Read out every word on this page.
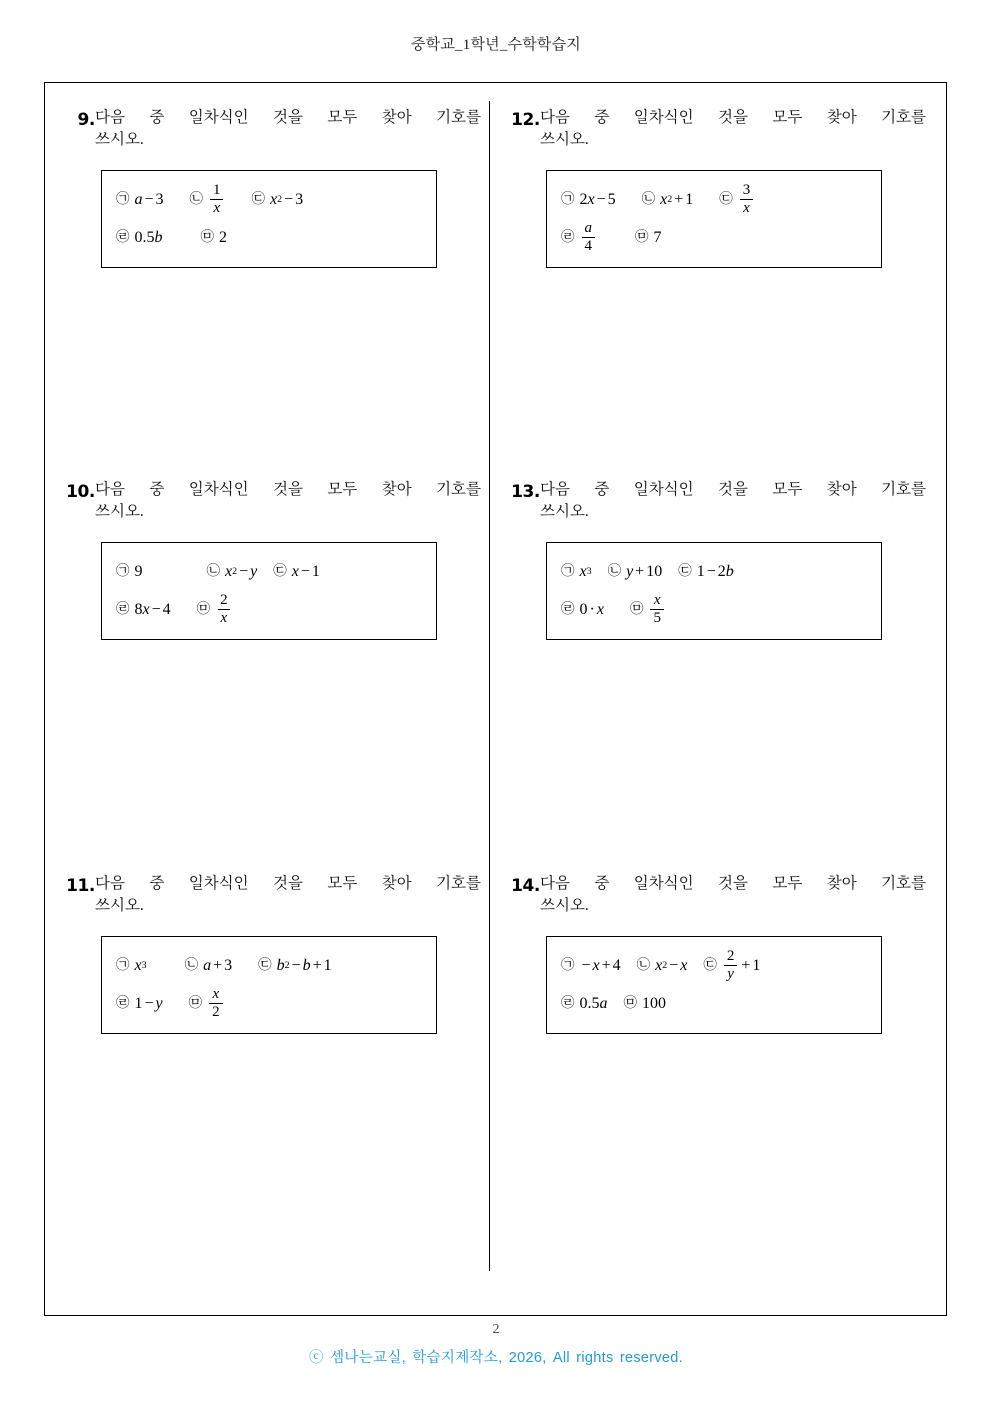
중학교_1학년_수학학습지
9. 다음 중 일차식인 것을 모두 찾아 기호를
쓰시오.
㉠ a − 3 ㉡ $\frac{1}{x}$ ㉢ x 2 − 3
㉣ 0.5 b	㉤ 2
10. 다음 중 일차식인 것을 모두 찾아 기호를
쓰시오.
㉠ 9	㉡ x 2 − y ㉢ x − 1
㉣ 8 x − 4 ㉤ $\frac{2}{x}$
11. 다음 중 일차식인 것을 모두 찾아 기호를
쓰시오.
㉠ x 3	㉡ a + 3 ㉢ b 2 − b + 1
㉣ 1 − y ㉤ $\frac{x}{2}$
12. 다음 중 일차식인 것을 모두 찾아 기호를
쓰시오.
㉠ 2 x − 5 ㉡ x 2 + 1 ㉢ $\frac{3}{x}$
㉣ $\frac{a}{4}$	㉤ 7
13. 다음 중 일차식인 것을 모두 찾아 기호를
쓰시오.
㉠ x 3 ㉡ y + 10 ㉢ 1 − 2 b
㉣ 0 · x ㉤ $\frac{x}{5}$
14. 다음 중 일차식인 것을 모두 찾아 기호를
쓰시오.
㉠ − x + 4 ㉡ x 2 − x ㉢ $\frac{2}{y} + 1$
㉣ 0.5 a ㉤ 100
2
ⓒ 셈나는교실, 학습지제작소, 2026, All rights reserved.
